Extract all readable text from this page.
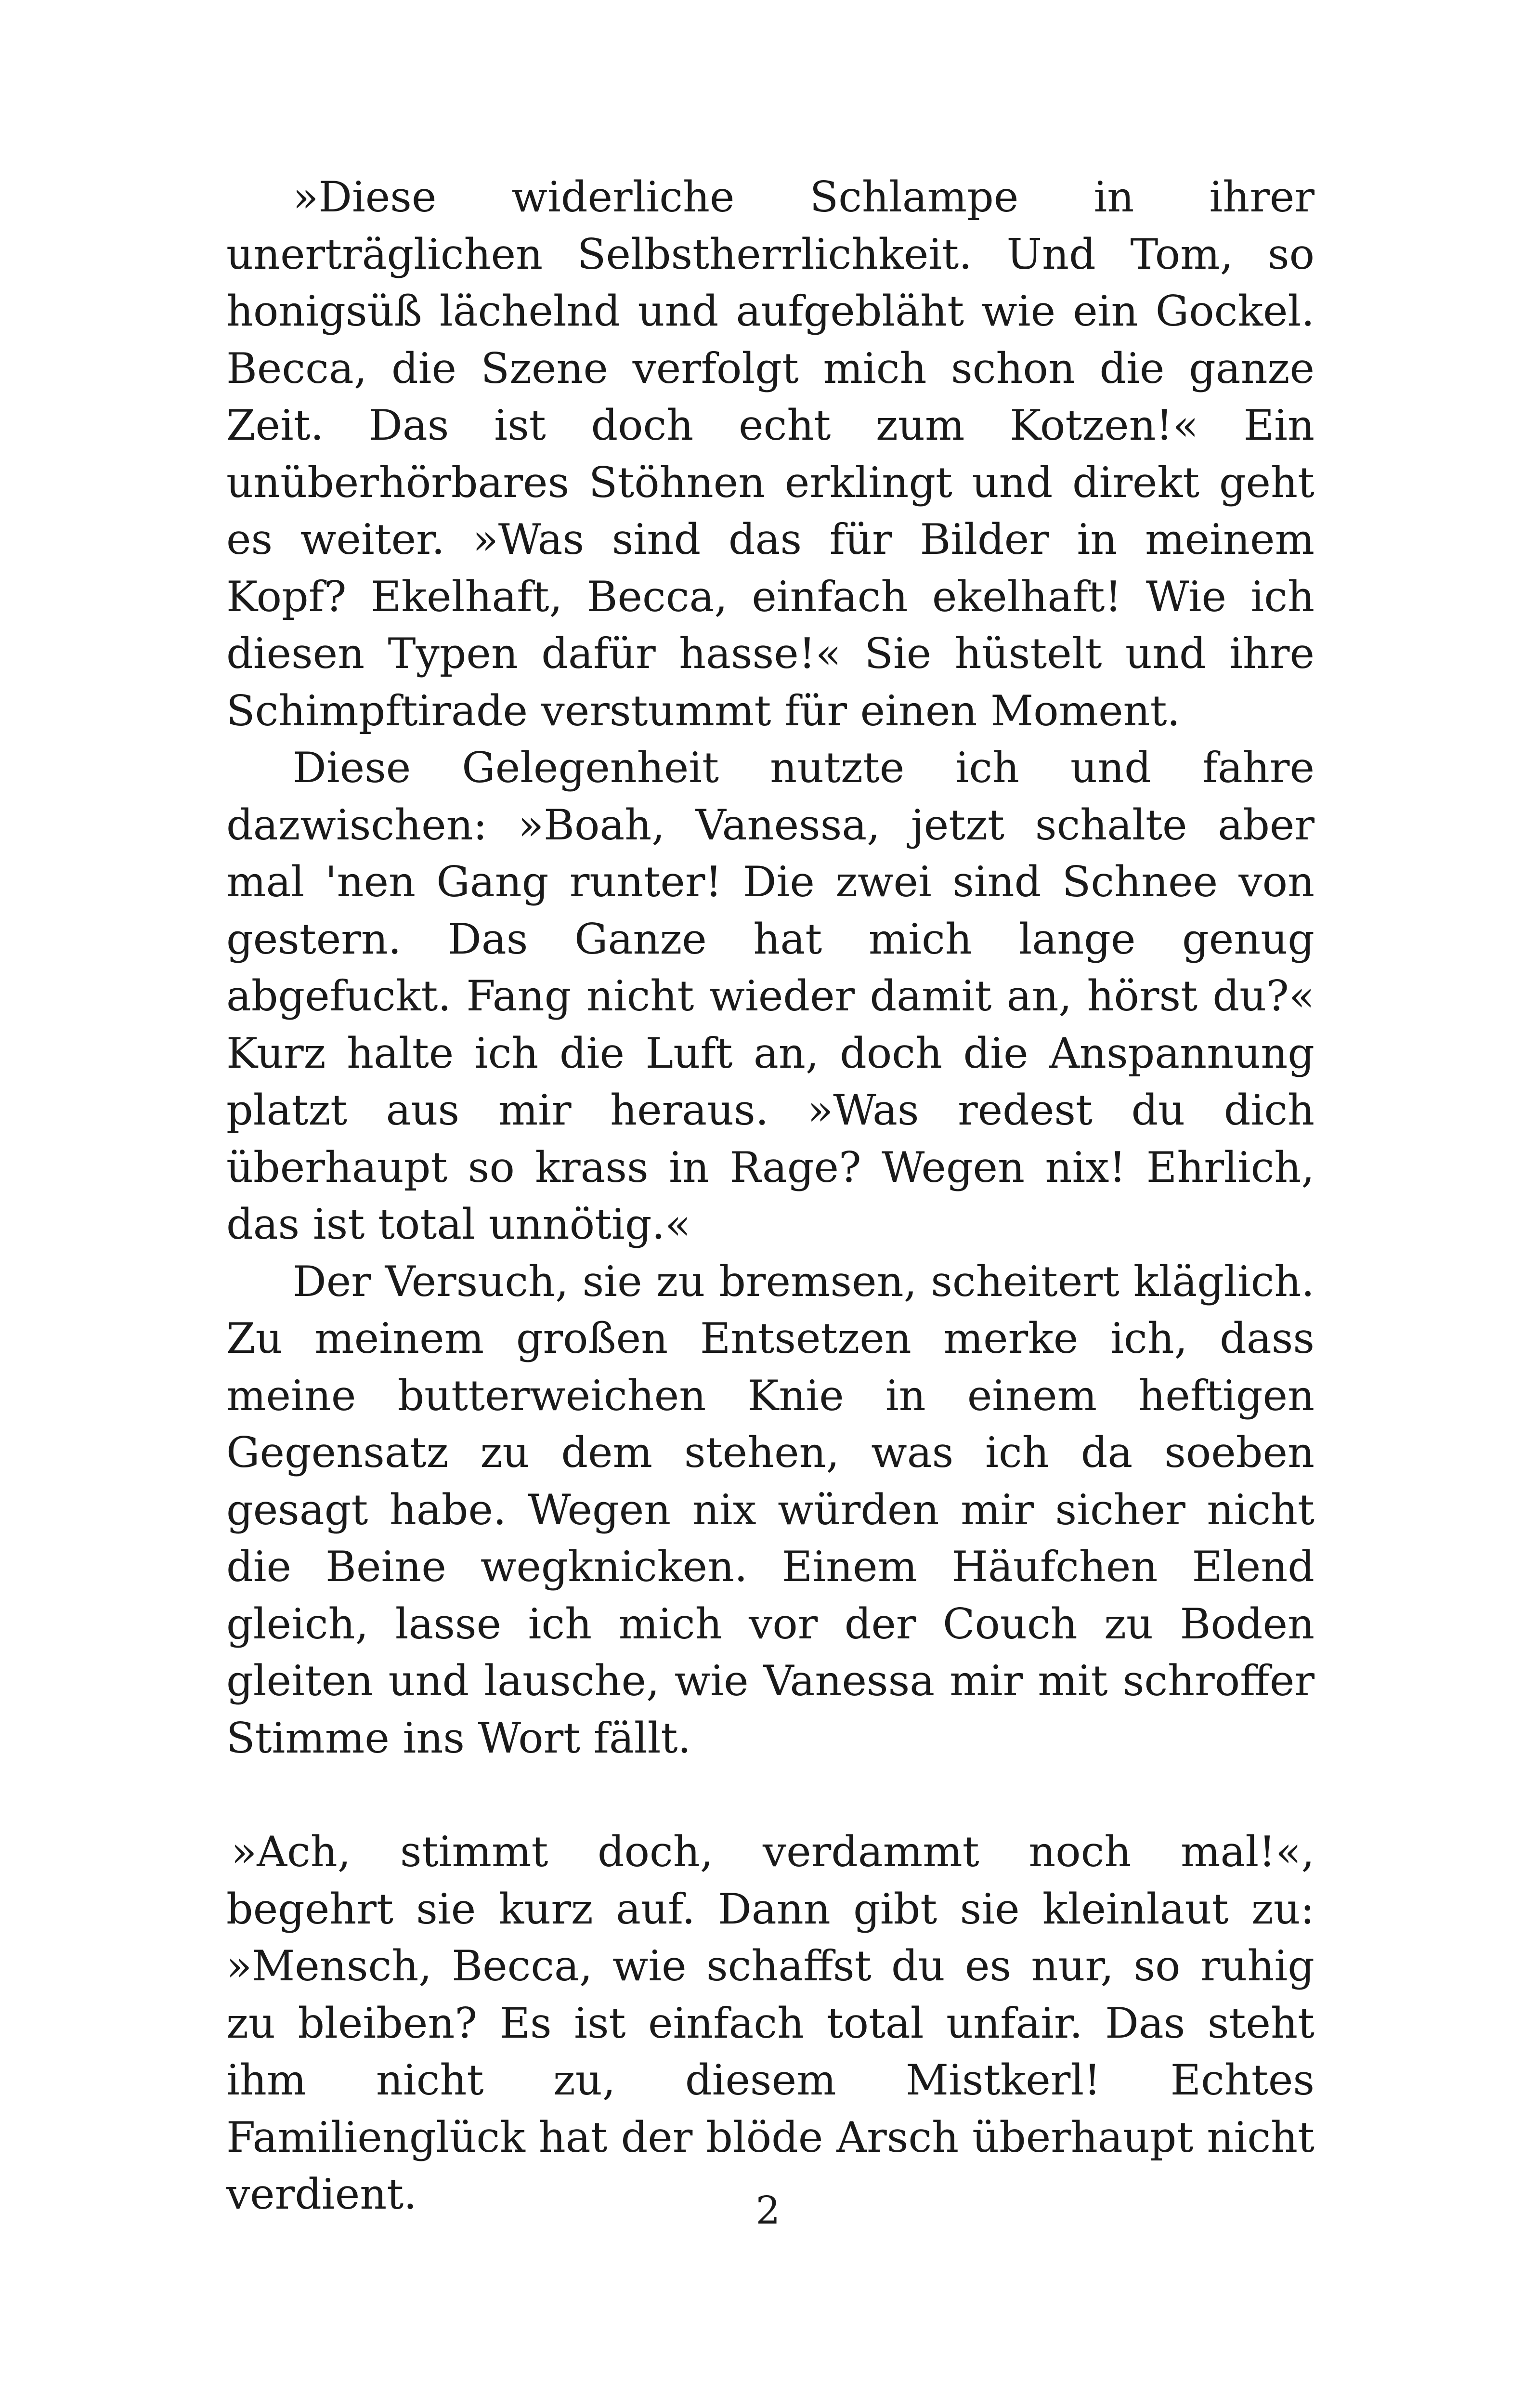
»Diese widerliche Schlampe in ihrer unerträglichen Selbstherrlichkeit. Und Tom, so honigsüß lächelnd und aufgebläht wie ein Gockel. Becca, die Szene verfolgt mich schon die ganze Zeit. Das ist doch echt zum Kotzen!« Ein unüberhörbares Stöhnen erklingt und direkt geht es weiter. »Was sind das für Bilder in meinem Kopf? Ekelhaft, Becca, einfach ekelhaft! Wie ich diesen Typen dafür hasse!« Sie hüstelt und ihre Schimpftirade verstummt für einen Moment.

Diese Gelegenheit nutzte ich und fahre dazwischen: »Boah, Vanessa, jetzt schalte aber mal 'nen Gang runter! Die zwei sind Schnee von gestern. Das Ganze hat mich lange genug abgefuckt. Fang nicht wieder damit an, hörst du?« Kurz halte ich die Luft an, doch die Anspannung platzt aus mir heraus. »Was redest du dich überhaupt so krass in Rage? Wegen nix! Ehrlich, das ist total unnötig.«

Der Versuch, sie zu bremsen, scheitert kläglich. Zu meinem großen Entsetzen merke ich, dass meine butterweichen Knie in einem heftigen Gegensatz zu dem stehen, was ich da soeben gesagt habe. Wegen nix würden mir sicher nicht die Beine wegknicken. Einem Häufchen Elend gleich, lasse ich mich vor der Couch zu Boden gleiten und lausche, wie Vanessa mir mit schroffer Stimme ins Wort fällt.

»Ach, stimmt doch, verdammt noch mal!«, begehrt sie kurz auf. Dann gibt sie kleinlaut zu: »Mensch, Becca, wie schaffst du es nur, so ruhig zu bleiben? Es ist einfach total unfair. Das steht ihm nicht zu, diesem Mistkerl! Echtes Familienglück hat der blöde Arsch überhaupt nicht verdient.	2
